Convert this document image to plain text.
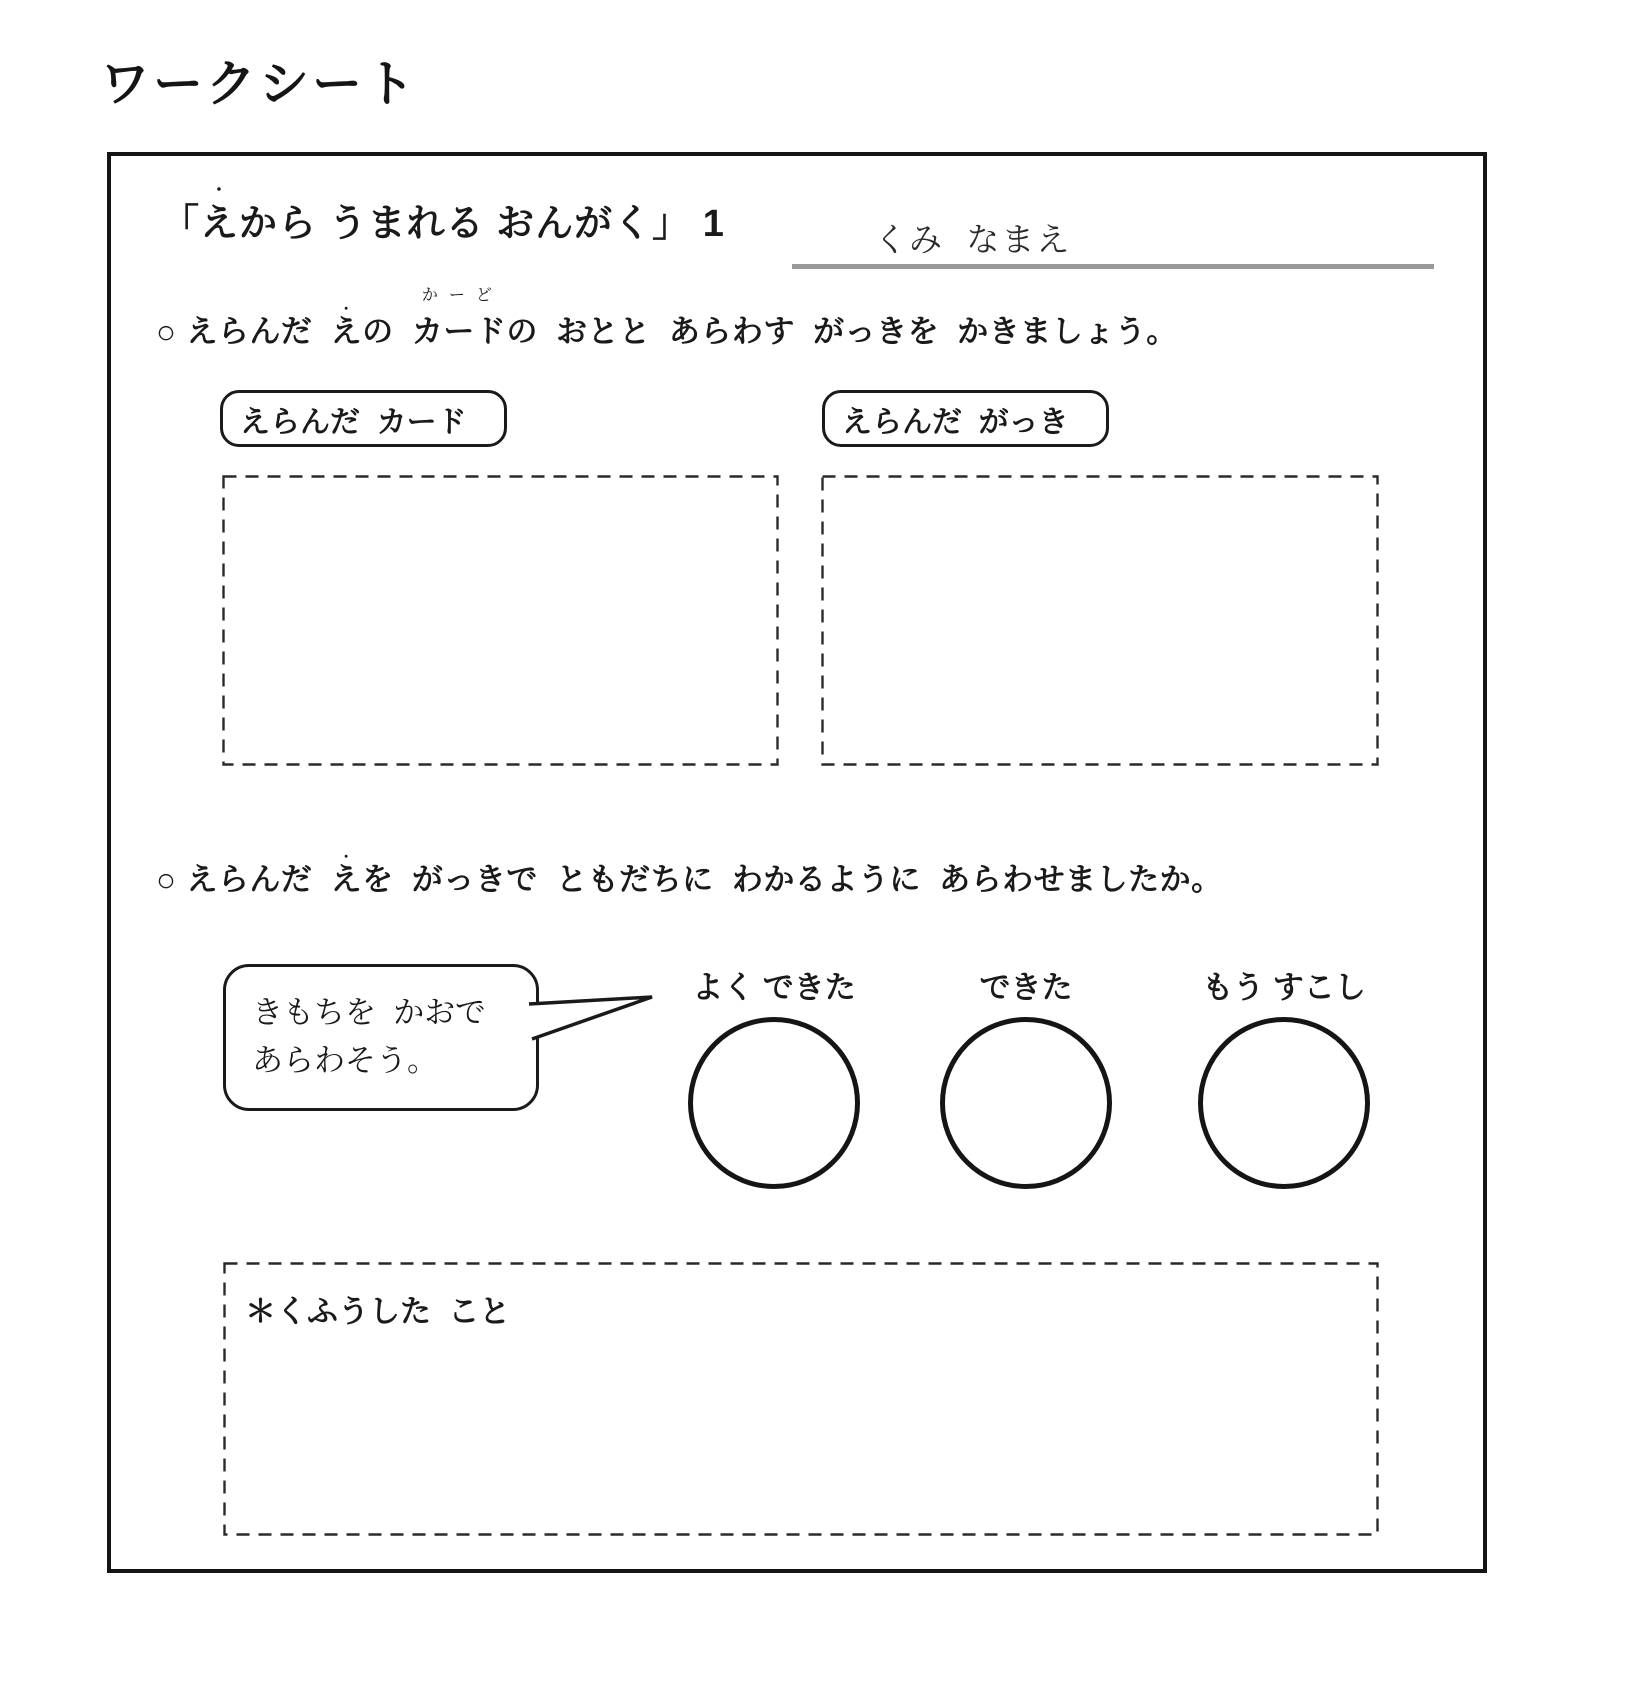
ワークシート
「
・
えから うまれる おんがく」 1	くみ  なまえ
○ えらんだ
・
えの
かーど
カードの  おとと  あらわす  がっきを  かきましょう。
えらんだ  カード	えらんだ  がっき
○ えらんだ
・
えを  がっきで  ともだちに  わかるように  あらわせましたか。
きもちを  かおで
あらわそう。
よく できた	できた	もう すこし
＊くふうした  こと
